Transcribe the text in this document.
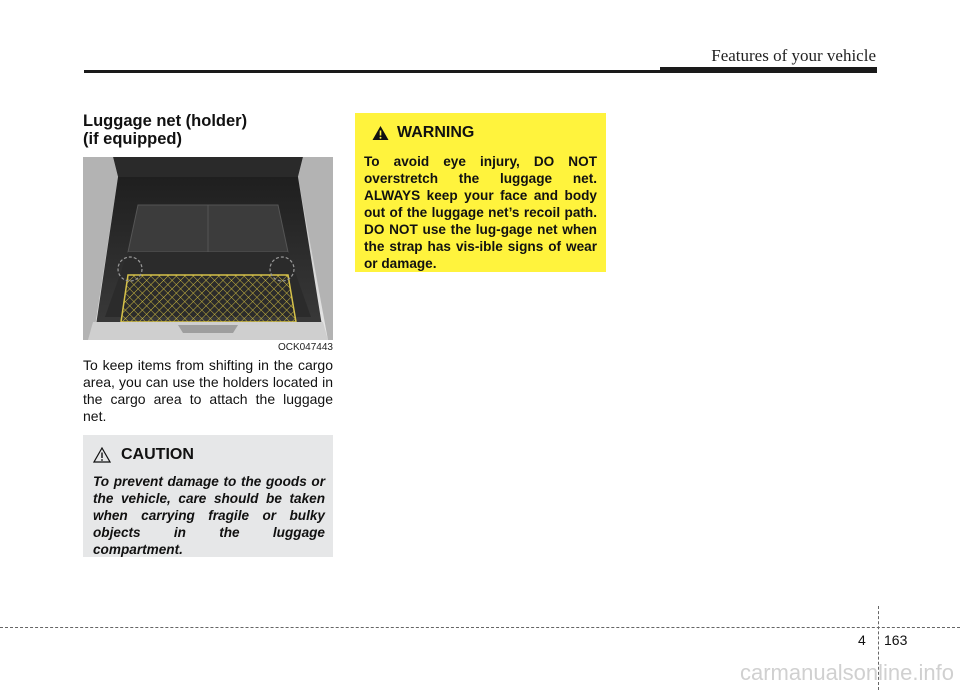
Features of your vehicle
Luggage net (holder)
(if equipped)
OCK047443
To keep items from shifting in the cargo area, you can use the holders located in the cargo area to attach the luggage net.
CAUTION
To prevent damage to the goods or the vehicle, care should be taken when carrying fragile or bulky objects in the luggage compartment.
WARNING
To avoid eye injury, DO NOT overstretch the luggage net. ALWAYS keep your face and body out of the luggage net’s recoil path. DO NOT use the lug-gage net when the strap has vis-ible signs of wear or damage.
4 163
carmanualsonline.info
